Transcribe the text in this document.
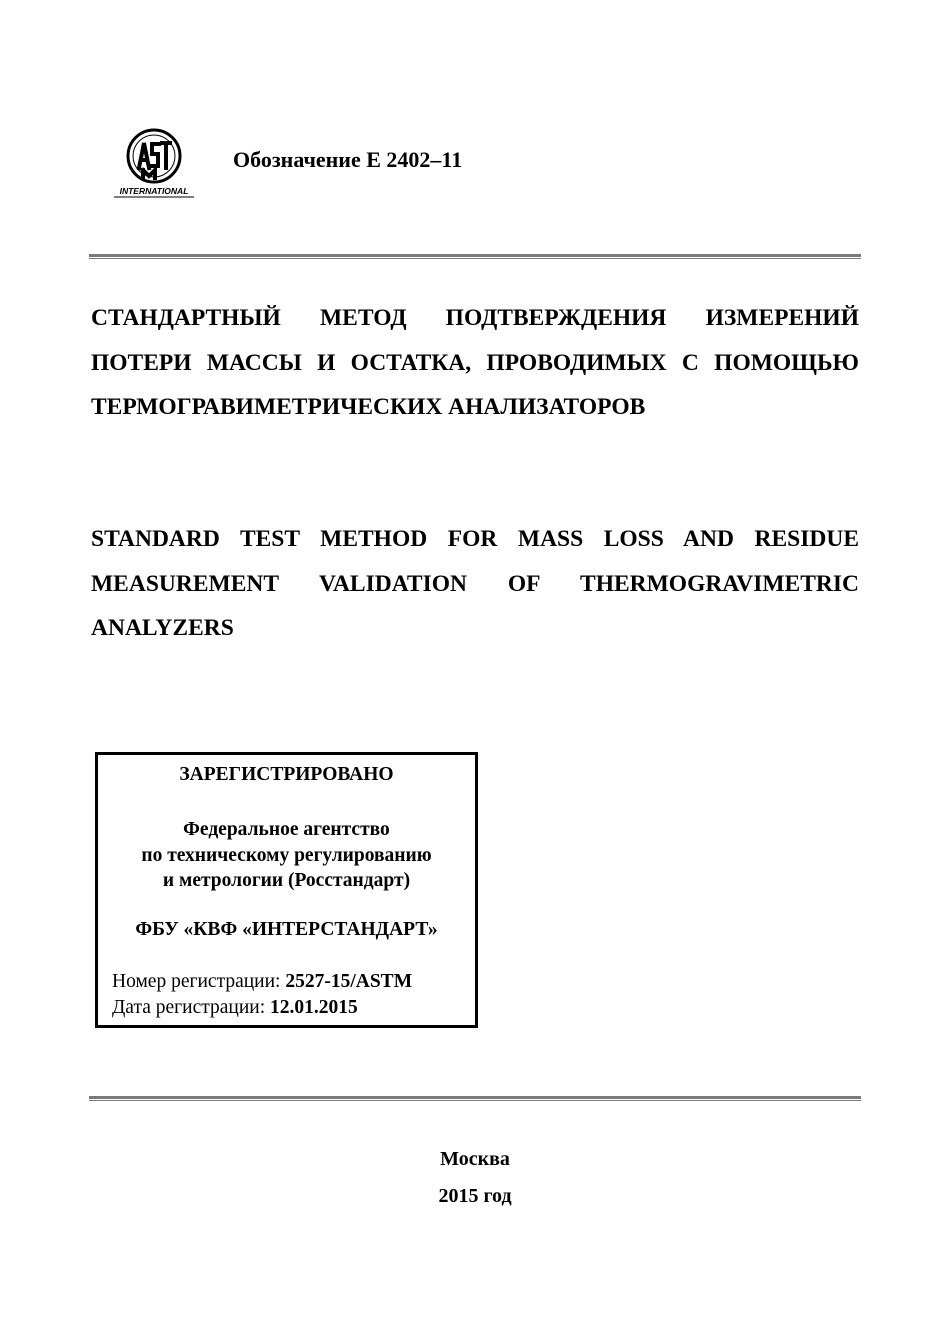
INTERNATIONAL
Обозначение Е 2402–11
СТАНДАРТНЫЙ МЕТОД ПОДТВЕРЖДЕНИЯ ИЗМЕРЕНИЙ ПОТЕРИ МАССЫ И ОСТАТКА, ПРОВОДИМЫХ С ПОМОЩЬЮ ТЕРМОГРАВИМЕТРИЧЕСКИХ АНАЛИЗАТОРОВ
STANDARD TEST METHOD FOR MASS LOSS AND RESIDUE MEASUREMENT VALIDATION OF THERMOGRAVIMETRIC ANALYZERS
ЗАРЕГИСТРИРОВАНО
Федеральное агентство
по техническому регулированию
и метрологии (Росстандарт)
ФБУ «КВФ «ИНТЕРСТАНДАРТ»
Номер регистрации: 2527-15/ASTM
Дата регистрации: 12.01.2015
Москва
2015 год
